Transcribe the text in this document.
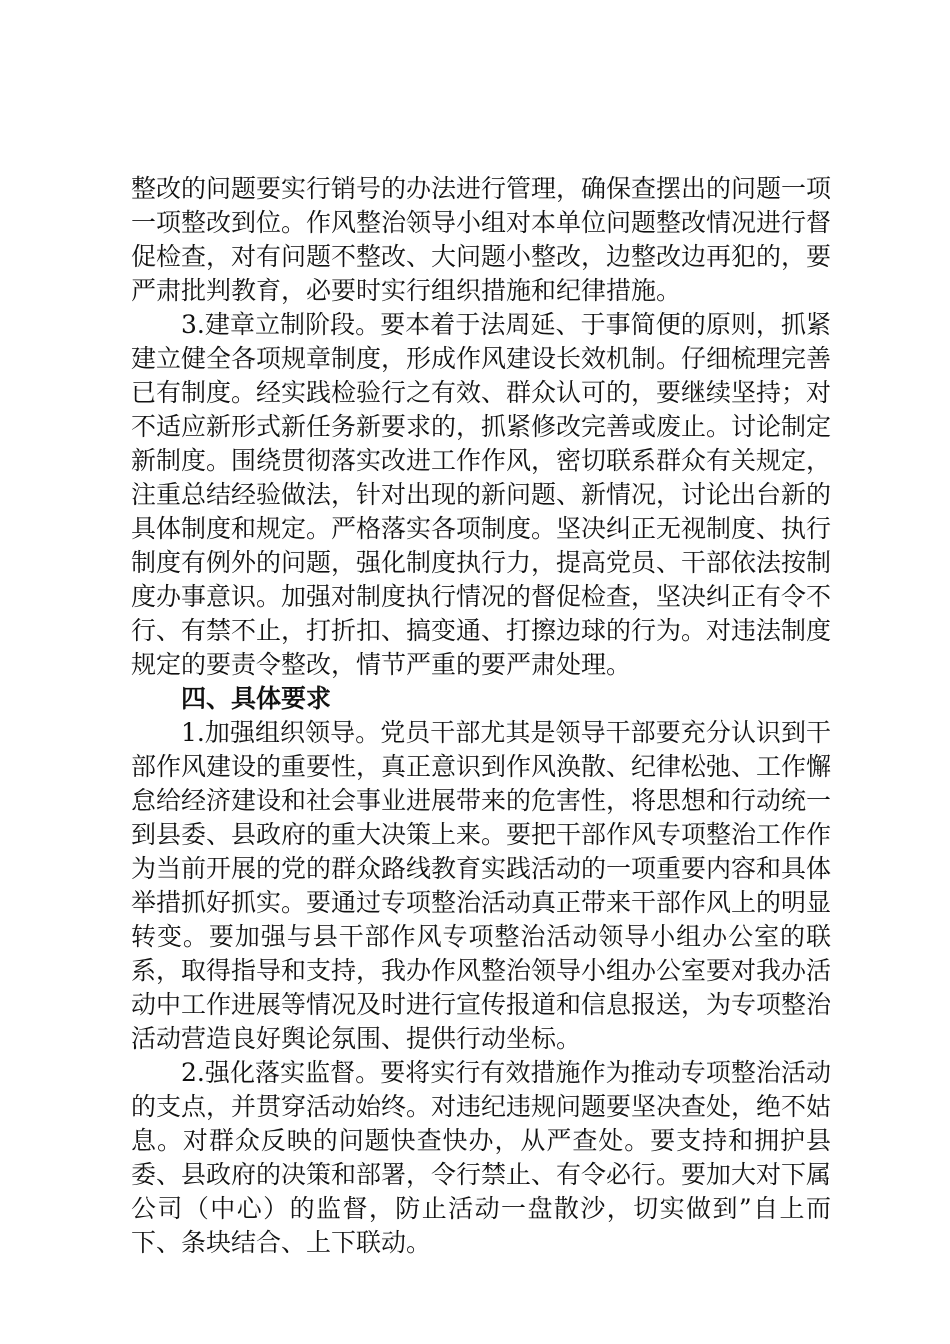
整改的问题要实行销号的办法进行管理，确保查摆出的问题一项一项整改到位。作风整治领导小组对本单位问题整改情况进行督促检查，对有问题不整改、大问题小整改，边整改边再犯的，要严肃批判教育，必要时实行组织措施和纪律措施。

3.建章立制阶段。要本着于法周延、于事简便的原则，抓紧建立健全各项规章制度，形成作风建设长效机制。仔细梳理完善已有制度。经实践检验行之有效、群众认可的，要继续坚持；对不适应新形式新任务新要求的，抓紧修改完善或废止。讨论制定新制度。围绕贯彻落实改进工作作风，密切联系群众有关规定，注重总结经验做法，针对出现的新问题、新情况，讨论出台新的具体制度和规定。严格落实各项制度。坚决纠正无视制度、执行制度有例外的问题，强化制度执行力，提高党员、干部依法按制度办事意识。加强对制度执行情况的督促检查，坚决纠正有令不行、有禁不止，打折扣、搞变通、打擦边球的行为。对违法制度规定的要责令整改，情节严重的要严肃处理。

四、具体要求

1.加强组织领导。党员干部尤其是领导干部要充分认识到干部作风建设的重要性，真正意识到作风涣散、纪律松弛、工作懈怠给经济建设和社会事业进展带来的危害性，将思想和行动统一到县委、县政府的重大决策上来。要把干部作风专项整治工作作为当前开展的党的群众路线教育实践活动的一项重要内容和具体举措抓好抓实。要通过专项整治活动真正带来干部作风上的明显转变。要加强与县干部作风专项整治活动领导小组办公室的联系，取得指导和支持，我办作风整治领导小组办公室要对我办活动中工作进展等情况及时进行宣传报道和信息报送，为专项整治活动营造良好舆论氛围、提供行动坐标。

2.强化落实监督。要将实行有效措施作为推动专项整治活动的支点，并贯穿活动始终。对违纪违规问题要坚决查处，绝不姑息。对群众反映的问题快查快办，从严查处。要支持和拥护县委、县政府的决策和部署，令行禁止、有令必行。要加大对下属公司（中心）的监督，防止活动一盘散沙，切实做到”自上而下、条块结合、上下联动。
